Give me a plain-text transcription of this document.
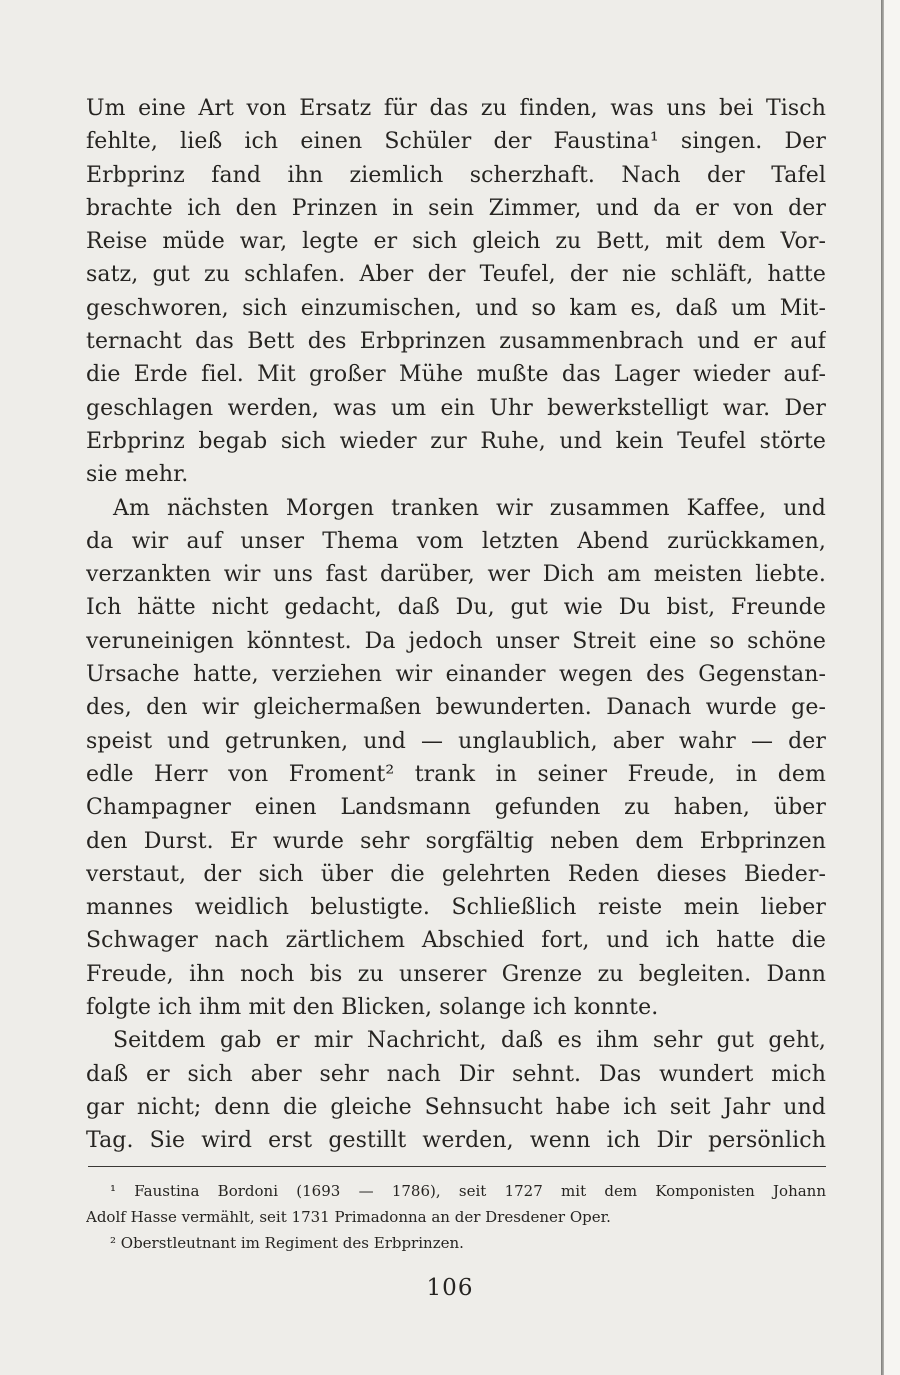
Um eine Art von Ersatz für das zu finden, was uns bei Tisch
fehlte, ließ ich einen Schüler der Faustina¹ singen. Der
Erbprinz fand ihn ziemlich scherzhaft. Nach der Tafel
brachte ich den Prinzen in sein Zimmer, und da er von der
Reise müde war, legte er sich gleich zu Bett, mit dem Vor-
satz, gut zu schlafen. Aber der Teufel, der nie schläft, hatte
geschworen, sich einzumischen, und so kam es, daß um Mit-
ternacht das Bett des Erbprinzen zusammenbrach und er auf
die Erde fiel. Mit großer Mühe mußte das Lager wieder auf-
geschlagen werden, was um ein Uhr bewerkstelligt war. Der
Erbprinz begab sich wieder zur Ruhe, und kein Teufel störte
sie mehr.
Am nächsten Morgen tranken wir zusammen Kaffee, und
da wir auf unser Thema vom letzten Abend zurückkamen,
verzankten wir uns fast darüber, wer Dich am meisten liebte.
Ich hätte nicht gedacht, daß Du, gut wie Du bist, Freunde
veruneinigen könntest. Da jedoch unser Streit eine so schöne
Ursache hatte, verziehen wir einander wegen des Gegenstan-
des, den wir gleichermaßen bewunderten. Danach wurde ge-
speist und getrunken, und — unglaublich, aber wahr — der
edle Herr von Froment² trank in seiner Freude, in dem
Champagner einen Landsmann gefunden zu haben, über
den Durst. Er wurde sehr sorgfältig neben dem Erbprinzen
verstaut, der sich über die gelehrten Reden dieses Bieder-
mannes weidlich belustigte. Schließlich reiste mein lieber
Schwager nach zärtlichem Abschied fort, und ich hatte die
Freude, ihn noch bis zu unserer Grenze zu begleiten. Dann
folgte ich ihm mit den Blicken, solange ich konnte.
Seitdem gab er mir Nachricht, daß es ihm sehr gut geht,
daß er sich aber sehr nach Dir sehnt. Das wundert mich
gar nicht; denn die gleiche Sehnsucht habe ich seit Jahr und
Tag. Sie wird erst gestillt werden, wenn ich Dir persönlich
¹ Faustina Bordoni (1693 — 1786), seit 1727 mit dem Komponisten Johann
Adolf Hasse vermählt, seit 1731 Primadonna an der Dresdener Oper.
² Oberstleutnant im Regiment des Erbprinzen.
106
